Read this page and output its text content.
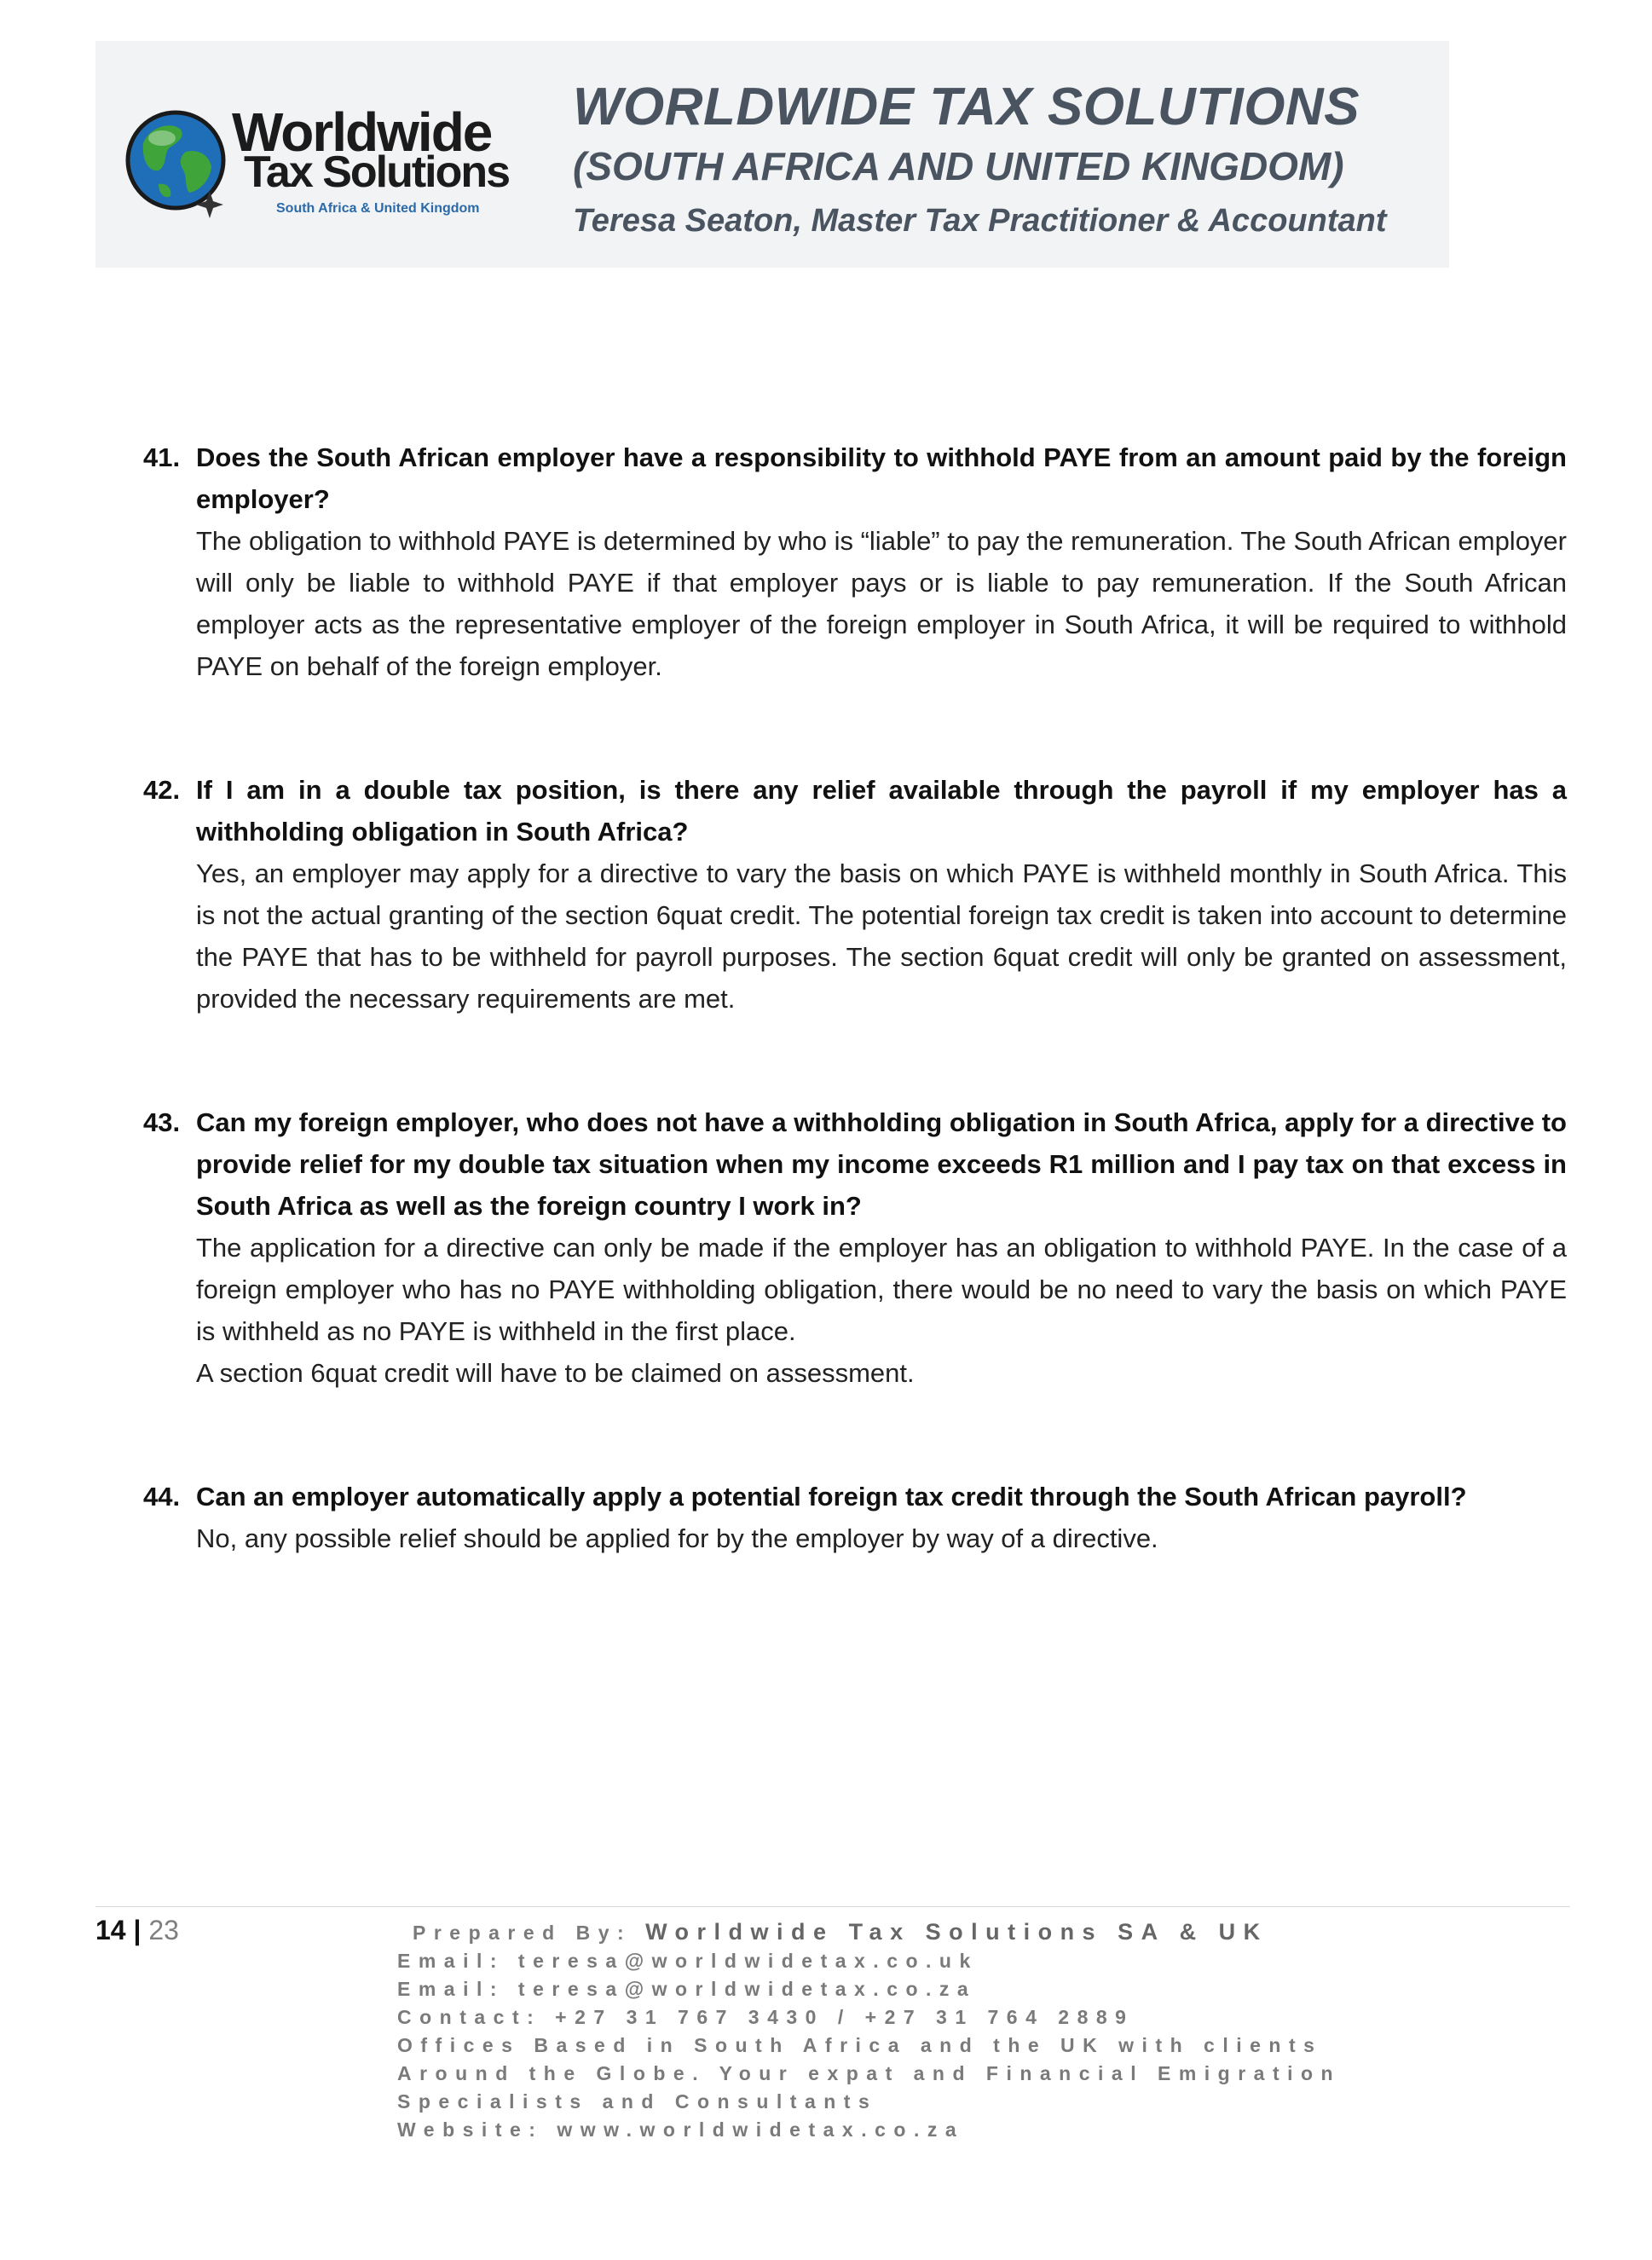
Worldwide
Tax Solutions
South Africa & United Kingdom
WORLDWIDE TAX SOLUTIONS
(SOUTH AFRICA AND UNITED KINGDOM)
Teresa Seaton, Master Tax Practitioner & Accountant
41. Does the South African employer have a responsibility to withhold PAYE from an amount paid by the foreign employer?
The obligation to withhold PAYE is determined by who is “liable” to pay the remuneration. The South African employer will only be liable to withhold PAYE if that employer pays or is liable to pay remuneration. If the South African employer acts as the representative employer of the foreign employer in South Africa, it will be required to withhold PAYE on behalf of the foreign employer.
42. If I am in a double tax position, is there any relief available through the payroll if my employer has a withholding obligation in South Africa?
Yes, an employer may apply for a directive to vary the basis on which PAYE is withheld monthly in South Africa. This is not the actual granting of the section 6quat credit. The potential foreign tax credit is taken into account to determine the PAYE that has to be withheld for payroll purposes. The section 6quat credit will only be granted on assessment, provided the necessary requirements are met.
43. Can my foreign employer, who does not have a withholding obligation in South Africa, apply for a directive to provide relief for my double tax situation when my income exceeds R1 million and I pay tax on that excess in South Africa as well as the foreign country I work in?
The application for a directive can only be made if the employer has an obligation to withhold PAYE. In the case of a foreign employer who has no PAYE withholding obligation, there would be no need to vary the basis on which PAYE is withheld as no PAYE is withheld in the first place.
A section 6quat credit will have to be claimed on assessment.
44. Can an employer automatically apply a potential foreign tax credit through the South African payroll?
No, any possible relief should be applied for by the employer by way of a directive.
14 | 23	Prepared By: Worldwide Tax Solutions SA & UK
Email: teresa@worldwidetax.co.uk
Email: teresa@worldwidetax.co.za
Contact: +27 31 767 3430 / +27 31 764 2889
Offices Based in South Africa and the UK with clients
Around the Globe. Your expat and Financial Emigration
Specialists and Consultants
Website: www.worldwidetax.co.za
